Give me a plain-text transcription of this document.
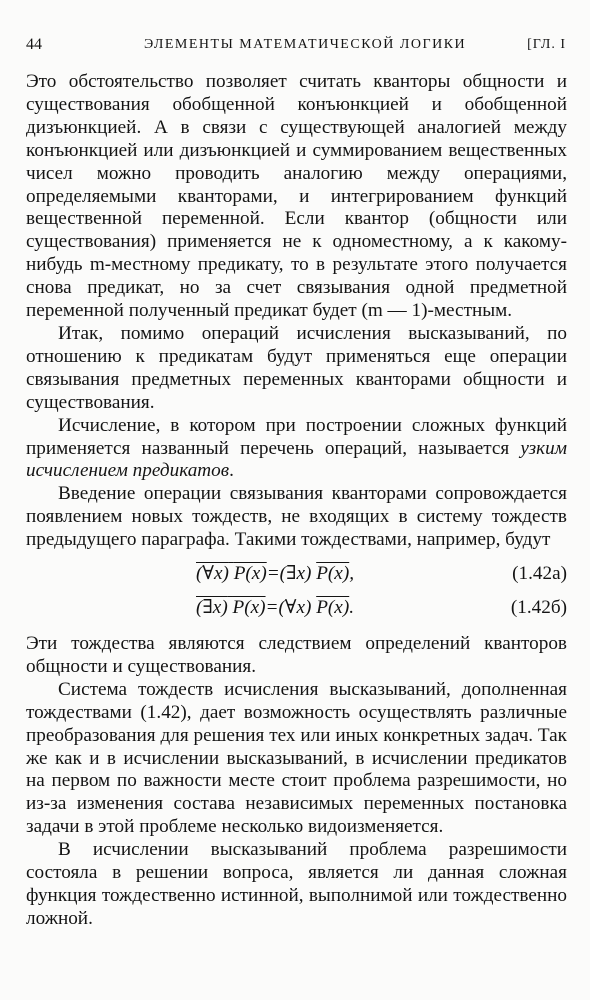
44	ЭЛЕМЕНТЫ МАТЕМАТИЧЕСКОЙ ЛОГИКИ	[ГЛ. I

Это обстоятельство позволяет считать кванторы общности и существования обобщенной конъюнкцией и обобщенной дизъюнкцией. А в связи с существующей аналогией между конъюнкцией или дизъюнкцией и суммированием вещественных чисел можно проводить аналогию между операциями, определяемыми кванторами, и интегрированием функций вещественной переменной. Если квантор (общности или существования) применяется не к одноместному, а к какому-нибудь m-местному предикату, то в результате этого получается снова предикат, но за счет связывания одной предметной переменной полученный предикат будет (m — 1)-местным.

Итак, помимо операций исчисления высказываний, по отношению к предикатам будут применяться еще операции связывания предметных переменных кванторами общности и существования.

Исчисление, в котором при построении сложных функций применяется названный перечень операций, называется узким исчислением предикатов.

Введение операции связывания кванторами сопровождается появлением новых тождеств, не входящих в систему тождеств предыдущего параграфа. Такими тождествами, например, будут

(∀x) P(x)=(∃x) P(x),	(1.42a)
(∃x) P(x)=(∀x) P(x).	(1.42б)

Эти тождества являются следствием определений кванторов общности и существования.

Система тождеств исчисления высказываний, дополненная тождествами (1.42), дает возможность осуществлять различные преобразования для решения тех или иных конкретных задач. Так же как и в исчислении высказываний, в исчислении предикатов на первом по важности месте стоит проблема разрешимости, но из-за изменения состава независимых переменных постановка задачи в этой проблеме несколько видоизменяется.

В исчислении высказываний проблема разрешимости состояла в решении вопроса, является ли данная сложная функция тождественно истинной, выполнимой или тождественно ложной.
